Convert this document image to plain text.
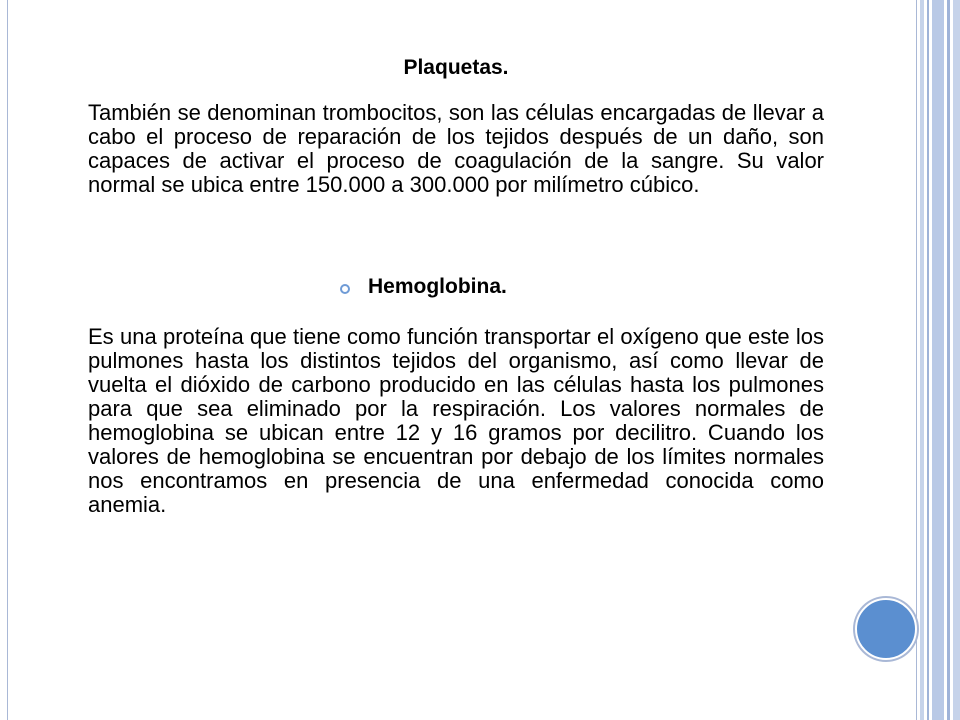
Plaquetas.
También se denominan trombocitos, son las células encargadas de llevar a cabo el proceso de reparación de los tejidos después de un daño, son capaces de activar el proceso de coagulación de la sangre. Su valor normal se ubica entre 150.000 a 300.000 por milímetro cúbico.
Hemoglobina.
Es una proteína que tiene como función transportar el oxígeno que este los pulmones hasta los distintos tejidos del organismo, así como llevar de vuelta el dióxido de carbono producido en las células hasta los pulmones para que sea eliminado por la respiración. Los valores normales de hemoglobina se ubican entre 12 y 16 gramos por decilitro. Cuando los valores de hemoglobina se encuentran por debajo de los límites normales nos encontramos en presencia de una enfermedad conocida como anemia.
